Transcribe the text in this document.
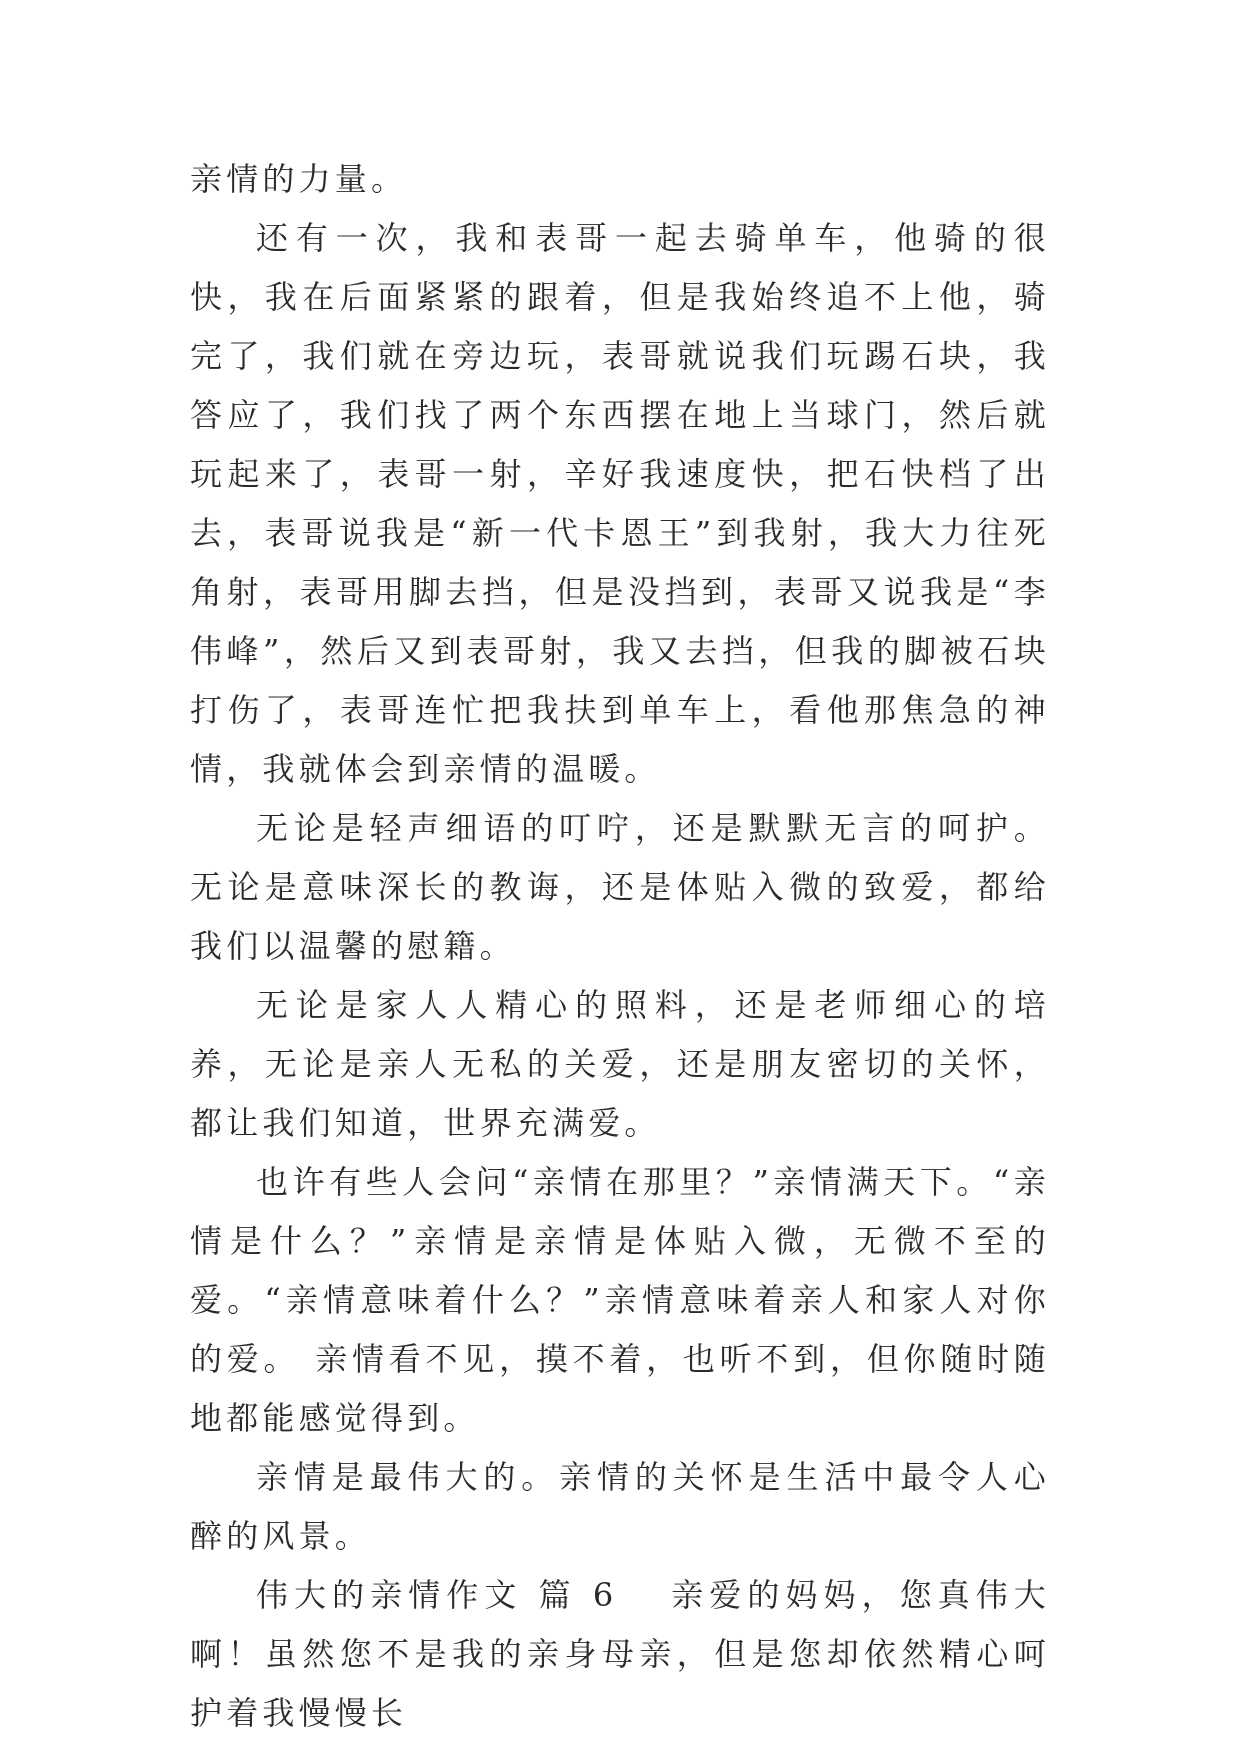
亲情的力量。

还有一次，我和表哥一起去骑单车，他骑的很快，我在后面紧紧的跟着，但是我始终追不上他，骑完了，我们就在旁边玩，表哥就说我们玩踢石块，我答应了，我们找了两个东西摆在地上当球门，然后就玩起来了，表哥一射，辛好我速度快，把石快档了出去，表哥说我是“新一代卡恩王”到我射，我大力往死角射，表哥用脚去挡，但是没挡到，表哥又说我是“李伟峰”，然后又到表哥射，我又去挡，但我的脚被石块打伤了，表哥连忙把我扶到单车上，看他那焦急的神情，我就体会到亲情的温暖。

无论是轻声细语的叮咛，还是默默无言的呵护。无论是意味深长的教诲，还是体贴入微的致爱，都给我们以温馨的慰籍。

无论是家人人精心的照料，还是老师细心的培养，无论是亲人无私的关爱，还是朋友密切的关怀，都让我们知道，世界充满爱。

也许有些人会问“亲情在那里？”亲情满天下。“亲情是什么？”亲情是亲情是体贴入微，无微不至的爱。“亲情意味着什么？”亲情意味着亲人和家人对你的爱。 亲情看不见，摸不着，也听不到，但你随时随地都能感觉得到。

亲情是最伟大的。亲情的关怀是生活中最令人心醉的风景。

伟大的亲情作文 篇 6 亲爱的妈妈，您真伟大啊！虽然您不是我的亲身母亲，但是您却依然精心呵护着我慢慢长
